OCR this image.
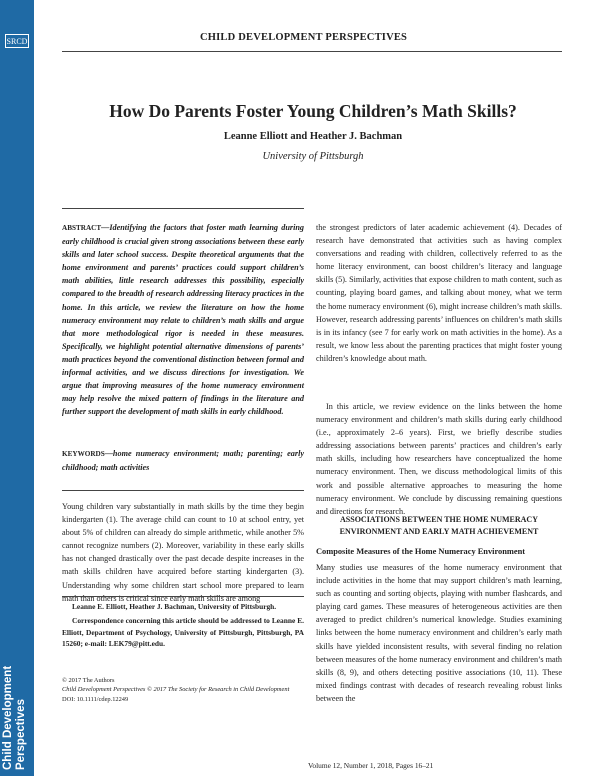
SRCD
Child Development Perspectives
CHILD DEVELOPMENT PERSPECTIVES
How Do Parents Foster Young Children’s Math Skills?
Leanne Elliott and Heather J. Bachman
University of Pittsburgh

ABSTRACT—Identifying the factors that foster math learning during early childhood is crucial given strong associations between these early skills and later school success. Despite theoretical arguments that the home environment and parents’ practices could support children’s math abilities, little research addresses this possibility, especially compared to the breadth of research addressing literacy practices in the home. In this article, we review the literature on how the home numeracy environment may relate to children’s math skills and argue that more methodological rigor is needed in these measures. Specifically, we highlight potential alternative dimensions of parents’ math practices beyond the conventional distinction between formal and informal activities, and we discuss directions for investigation. We argue that improving measures of the home numeracy environment may help resolve the mixed pattern of findings in the literature and further support the development of math skills in early childhood.

KEYWORDS—home numeracy environment; math; parenting; early childhood; math activities

Young children vary substantially in math skills by the time they begin kindergarten (1). The average child can count to 10 at school entry, yet about 5% of children can already do simple arithmetic, while another 5% cannot recognize numbers (2). Moreover, variability in these early skills has not changed drastically over the past decade despite increases in the math skills children have acquired before starting kindergarten (3). Understanding why some children start school more prepared to learn math than others is critical since early math skills are among

Leanne E. Elliott, Heather J. Bachman, University of Pittsburgh.

Correspondence concerning this article should be addressed to Leanne E. Elliott, Department of Psychology, University of Pittsburgh, Pittsburgh, PA 15260; e-mail: LEK79@pitt.edu.

© 2017 The Authors
Child Development Perspectives © 2017 The Society for Research in Child Development
DOI: 10.1111/cdep.12249

the strongest predictors of later academic achievement (4). Decades of research have demonstrated that activities such as having complex conversations and reading with children, collectively referred to as the home literacy environment, can boost children’s literacy and language skills (5). Similarly, activities that expose children to math content, such as counting, playing board games, and talking about money, what we term the home numeracy environment (6), might increase children’s math skills. However, research addressing parents’ influences on children’s math skills is in its infancy (see 7 for early work on math activities in the home). As a result, we know less about the parenting practices that might foster young children’s knowledge about math.

In this article, we review evidence on the links between the home numeracy environment and children’s math skills during early childhood (i.e., approximately 2–6 years). First, we briefly describe studies addressing associations between parents’ practices and children’s early math skills, including how researchers have conceptualized the home numeracy environment. Then, we discuss methodological limits of this work and possible alternative approaches to measuring the home numeracy environment. We conclude by discussing remaining questions and directions for research.

ASSOCIATIONS BETWEEN THE HOME NUMERACY ENVIRONMENT AND EARLY MATH ACHIEVEMENT

Composite Measures of the Home Numeracy Environment

Many studies use measures of the home numeracy environment that include activities in the home that may support children’s math learning, such as counting and sorting objects, playing with number flashcards, and playing card games. These measures of heterogeneous activities are then averaged to predict children’s numerical knowledge. Studies examining links between the home numeracy environment and children’s early math skills have yielded inconsistent results, with several finding no relation between measures of the home numeracy environment and children’s math skills (8, 9), and others detecting positive associations (10, 11). These mixed findings contrast with decades of research revealing robust links between the

Volume 12, Number 1, 2018, Pages 16–21
